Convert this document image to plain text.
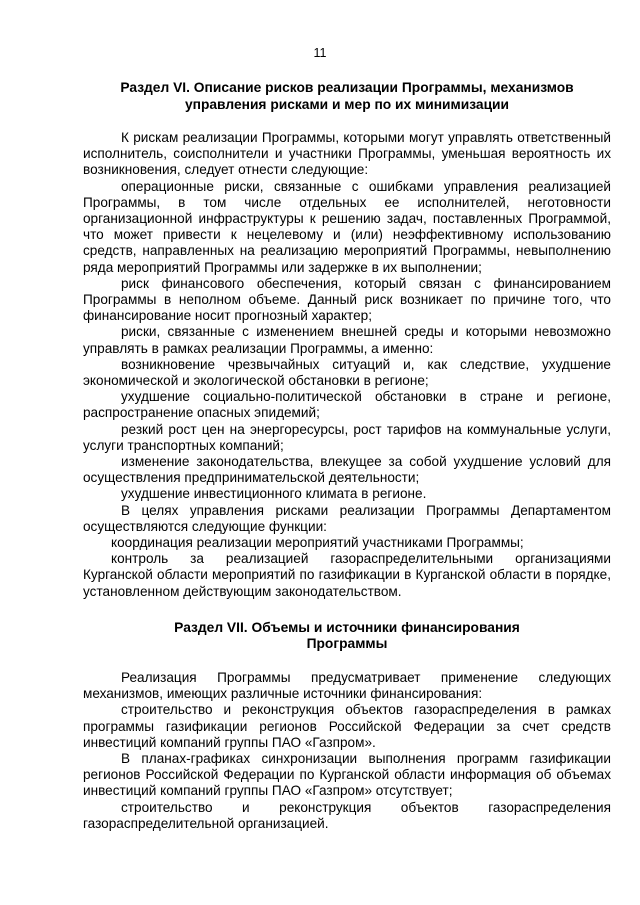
11
Раздел VI. Описание рисков реализации Программы, механизмов
управления рисками и мер по их минимизации

К рискам реализации Программы, которыми могут управлять ответственный исполнитель, соисполнители и участники Программы, уменьшая вероятность их возникновения, следует отнести следующие:

операционные риски, связанные с ошибками управления реализацией Программы, в том числе отдельных ее исполнителей, неготовности организационной инфраструктуры к решению задач, поставленных Программой, что может привести к нецелевому и (или) неэффективному использованию средств, направленных на реализацию мероприятий Программы, невыполнению ряда мероприятий Программы или задержке в их выполнении;

риск финансового обеспечения, который связан с финансированием Программы в неполном объеме. Данный риск возникает по причине того, что финансирование носит прогнозный характер;

риски, связанные с изменением внешней среды и которыми невозможно управлять в рамках реализации Программы, а именно:

возникновение чрезвычайных ситуаций и, как следствие, ухудшение экономической и экологической обстановки в регионе;

ухудшение социально-политической обстановки в стране и регионе, распространение опасных эпидемий;

резкий рост цен на энергоресурсы, рост тарифов на коммунальные услуги, услуги транспортных компаний;

изменение законодательства, влекущее за собой ухудшение условий для осуществления предпринимательской деятельности;

ухудшение инвестиционного климата в регионе.

В целях управления рисками реализации Программы Департаментом осуществляются следующие функции:

координация реализации мероприятий участниками Программы;

контроль за реализацией газораспределительными организациями Курганской области мероприятий по газификации в Курганской области в порядке, установленном действующим законодательством.

Раздел VII. Объемы и источники финансирования
Программы

Реализация Программы предусматривает применение следующих механизмов, имеющих различные источники финансирования:

строительство и реконструкция объектов газораспределения в рамках программы газификации регионов Российской Федерации за счет средств инвестиций компаний группы ПАО «Газпром».

В планах-графиках синхронизации выполнения программ газификации регионов Российской Федерации по Курганской области информация об объемах инвестиций компаний группы ПАО «Газпром» отсутствует;

строительство и реконструкция объектов газораспределения газораспределительной организацией.
